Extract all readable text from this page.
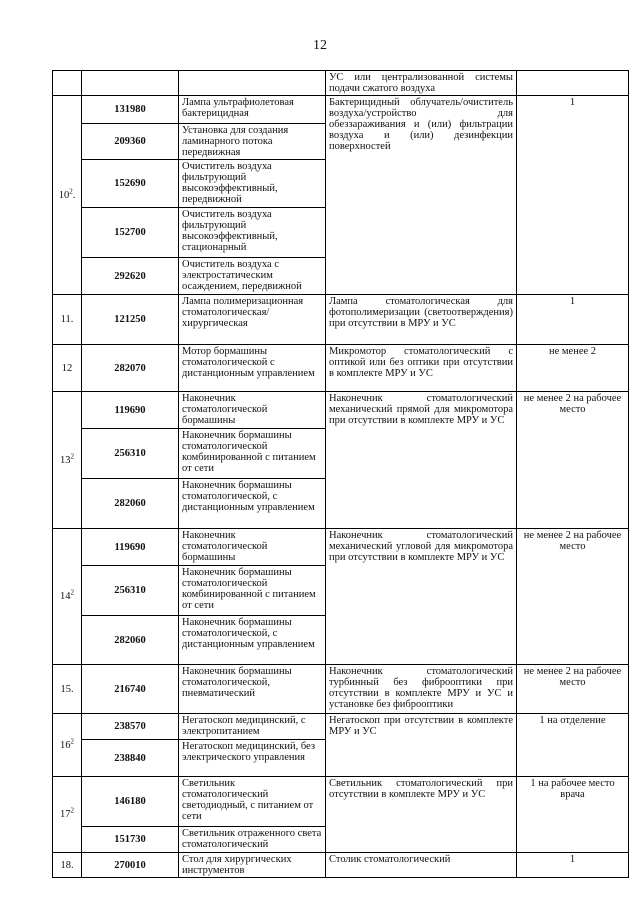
12
			УС или централизованной системы подачи сжатого воздуха	
$10^2$.	131980	Лампа ультрафиолетовая бактерицидная	Бактерицидный облучатель/очиститель воздуха/устройство для обеззараживания и (или) фильтрации воздуха и (или) дезинфекции поверхностей	1
	209360	Установка для создания ламинарного потока передвижная		
	152690	Очиститель воздуха фильтрующий высокоэффективный, передвижной		
	152700	Очиститель воздуха фильтрующий высокоэффективный, стационарный		
	292620	Очиститель воздуха с электростатическим осаждением, передвижной		
11.	121250	Лампа полимеризационная стоматологическая/хирургическая	Лампа стоматологическая для фотополимеризации (светоотверждения) при отсутствии в МРУ и УС	1
12	282070	Мотор бормашины стоматологической с дистанционным управлением	Микромотор стоматологический с оптикой или без оптики при отсутствии в комплекте МРУ и УС	не менее 2
$13^2$	119690	Наконечник стоматологической бормашины	Наконечник стоматологический механический прямой для микромотора при отсутствии в комплекте МРУ и УС	не менее 2 на рабочее место
	256310	Наконечник бормашины стоматологической комбинированной с питанием от сети		
	282060	Наконечник бормашины стоматологической, с дистанционным управлением		
$14^2$	119690	Наконечник стоматологической бормашины	Наконечник стоматологический механический угловой для микромотора при отсутствии в комплекте МРУ и УС	не менее 2 на рабочее место
	256310	Наконечник бормашины стоматологической комбинированной с питанием от сети		
	282060	Наконечник бормашины стоматологической, с дистанционным управлением		
15.	216740	Наконечник бормашины стоматологической, пневматический	Наконечник стоматологический турбинный без фиброоптики при отсутствии в комплекте МРУ и УС и установке без фиброоптики	не менее 2 на рабочее место
$16^2$	238570	Негатоскоп медицинский, с электропитанием	Негатоскоп при отсутствии в комплекте МРУ и УС	1 на отделение
	238840	Негатоскоп медицинский, без электрического управления		
$17^2$	146180	Светильник стоматологический светодиодный, с питанием от сети	Светильник стоматологический при отсутствии в комплекте МРУ и УС	1 на рабочее место врача
	151730	Светильник отраженного света стоматологический		
18.	270010	Стол для хирургических инструментов	Столик стоматологический	1
